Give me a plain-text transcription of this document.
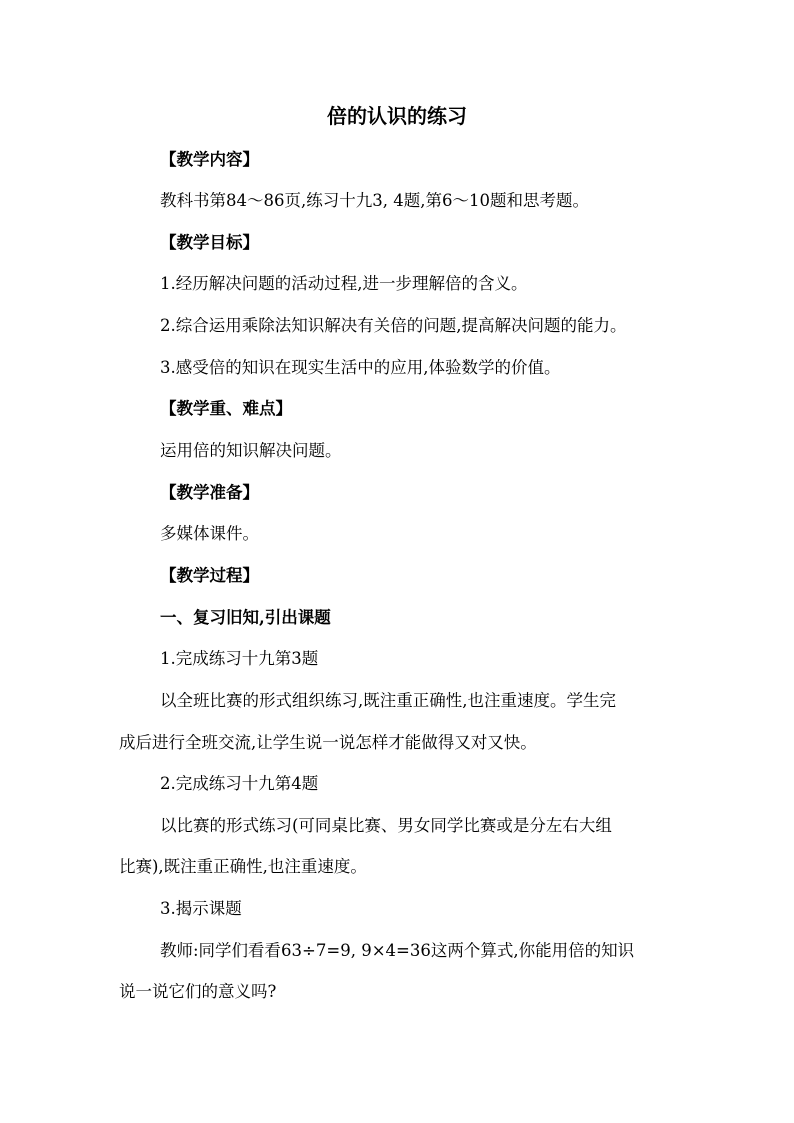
倍的认识的练习
【教学内容】
教科书第84～86页,练习十九3, 4题,第6～10题和思考题。
【教学目标】
1.经历解决问题的活动过程,进一步理解倍的含义。
2.综合运用乘除法知识解决有关倍的问题,提高解决问题的能力。
3.感受倍的知识在现实生活中的应用,体验数学的价值。
【教学重、难点】
运用倍的知识解决问题。
【教学准备】
多媒体课件。
【教学过程】
一、复习旧知,引出课题
1.完成练习十九第3题
以全班比赛的形式组织练习,既注重正确性,也注重速度。学生完
成后进行全班交流,让学生说一说怎样才能做得又对又快。
2.完成练习十九第4题
以比赛的形式练习(可同桌比赛、男女同学比赛或是分左右大组
比赛),既注重正确性,也注重速度。
3.揭示课题
教师:同学们看看63÷7=9, 9×4=36这两个算式,你能用倍的知识
说一说它们的意义吗?
